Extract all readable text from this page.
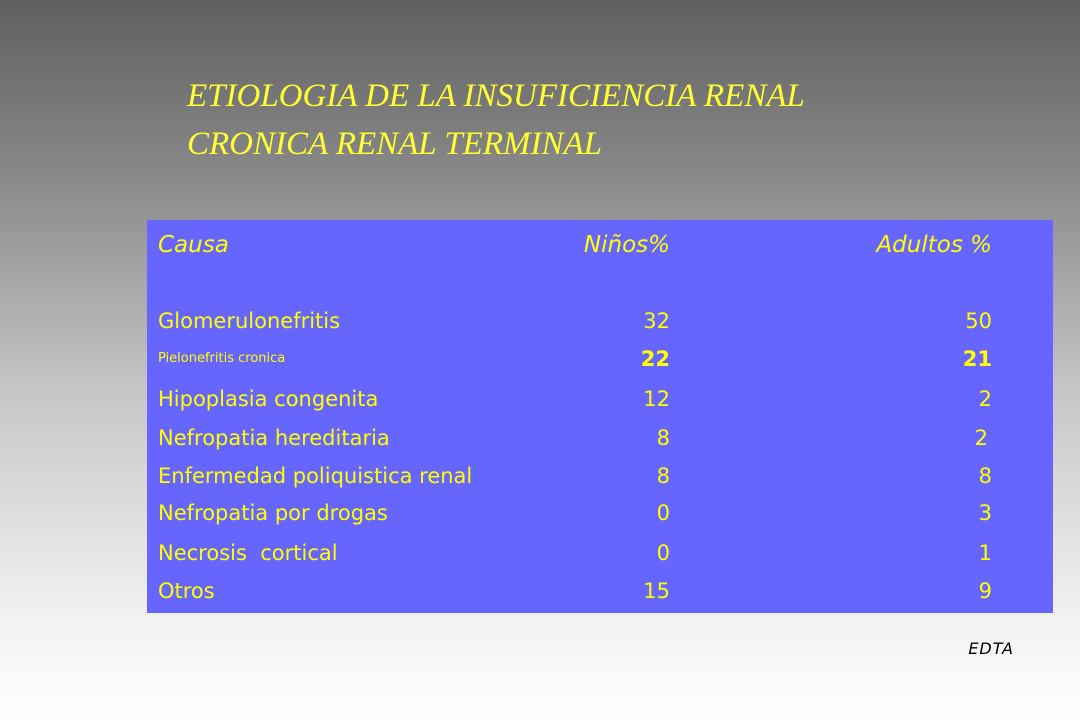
ETIOLOGIA DE LA INSUFICIENCIA RENAL
CRONICA RENAL TERMINAL
Causa	Niños%	Adultos %
Glomerulonefritis	32	50
Pielonefritis cronica	22	21
Hipoplasia congenita	12	2
Nefropatia hereditaria	8	2
Enfermedad poliquistica renal	8	8
Nefropatia por drogas	0	3
Necrosis  cortical	0	1
Otros	15	9
EDTA
